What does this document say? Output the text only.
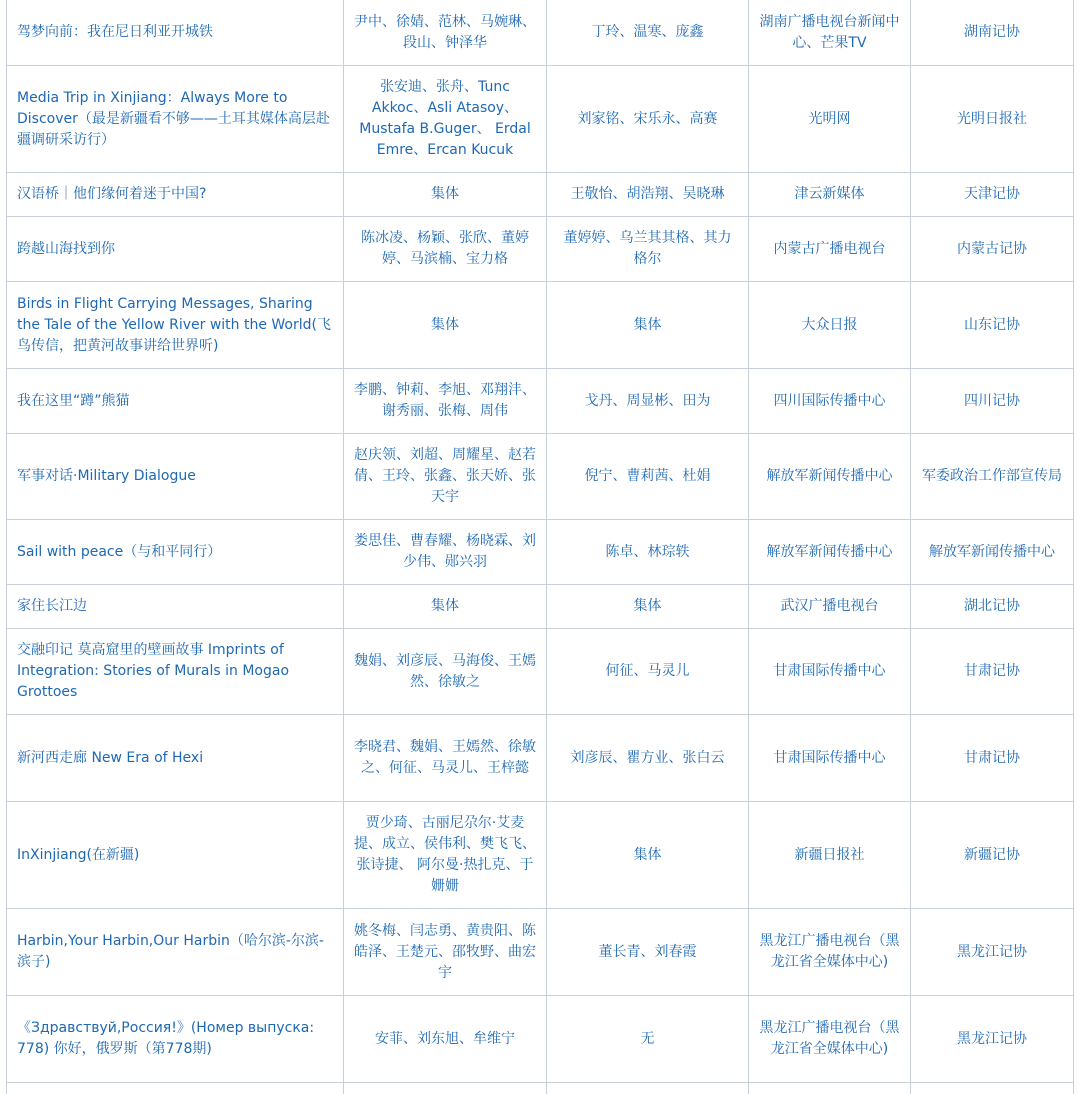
驾梦向前：我在尼日利亚开城铁	尹中、徐婧、范林、马婉琳、段山、钟泽华	丁玲、温寒、庞鑫	湖南广播电视台新闻中心、芒果TV	湖南记协
Media Trip in Xinjiang：Always More to Discover（最是新疆看不够——土耳其媒体高层赴疆调研采访行）	张安迪、张舟、Tunc Akkoc、Asli Atasoy、Mustafa B.Guger、 Erdal Emre、Ercan Kucuk	刘家铭、宋乐永、高赛	光明网	光明日报社
汉语桥｜他们缘何着迷于中国?	集体	王敬怡、胡浩翔、吴晓琳	津云新媒体	天津记协
跨越山海找到你	陈冰凌、杨颖、张欣、董婷婷、马滨楠、宝力格	董婷婷、乌兰其其格、其力格尔	内蒙古广播电视台	内蒙古记协
Birds in Flight Carrying Messages, Sharing the Tale of the Yellow River with the World(飞鸟传信，把黄河故事讲给世界听)	集体	集体	大众日报	山东记协
我在这里“蹲”熊猫	李鹏、钟莉、李旭、邓翔沣、谢秀丽、张梅、周伟	戈丹、周显彬、田为	四川国际传播中心	四川记协
军事对话·Military Dialogue	赵庆领、刘超、周耀星、赵若倩、王玲、张鑫、张天娇、张天宇	倪宁、曹莉茜、杜娟	解放军新闻传播中心	军委政治工作部宣传局
Sail with peace（与和平同行）	娄思佳、曹春耀、杨晓霖、刘少伟、郧兴羽	陈卓、林琮轶	解放军新闻传播中心	解放军新闻传播中心
家住长江边	集体	集体	武汉广播电视台	湖北记协
交融印记 莫高窟里的壁画故事 Imprints of Integration: Stories of Murals in Mogao Grottoes	魏娟、刘彦辰、马海俊、王嫣然、徐敏之	何征、马灵儿	甘肃国际传播中心	甘肃记协
新河西走廊 New Era of Hexi	李晓君、魏娟、王嫣然、徐敏之、何征、马灵儿、王梓懿	刘彦辰、瞿方业、张白云	甘肃国际传播中心	甘肃记协
InXinjiang(在新疆)	贾少琦、古丽尼尕尔·艾麦提、成立、侯伟利、樊飞飞、张诗捷、 阿尔曼·热扎克、于姗姗	集体	新疆日报社	新疆记协
Harbin,Your Harbin,Our Harbin（哈尔滨-尔滨-滨子)	姚冬梅、闫志勇、黄贵阳、陈皓泽、王楚元、邵牧野、曲宏宇	董长青、刘春霞	黑龙江广播电视台（黑龙江省全媒体中心)	黑龙江记协
《Здравствуй,Россия!》(Номер выпуска: 778) 你好，俄罗斯（第778期)	安菲、刘东旭、牟维宁	无	黑龙江广播电视台（黑龙江省全媒体中心)	黑龙江记协
